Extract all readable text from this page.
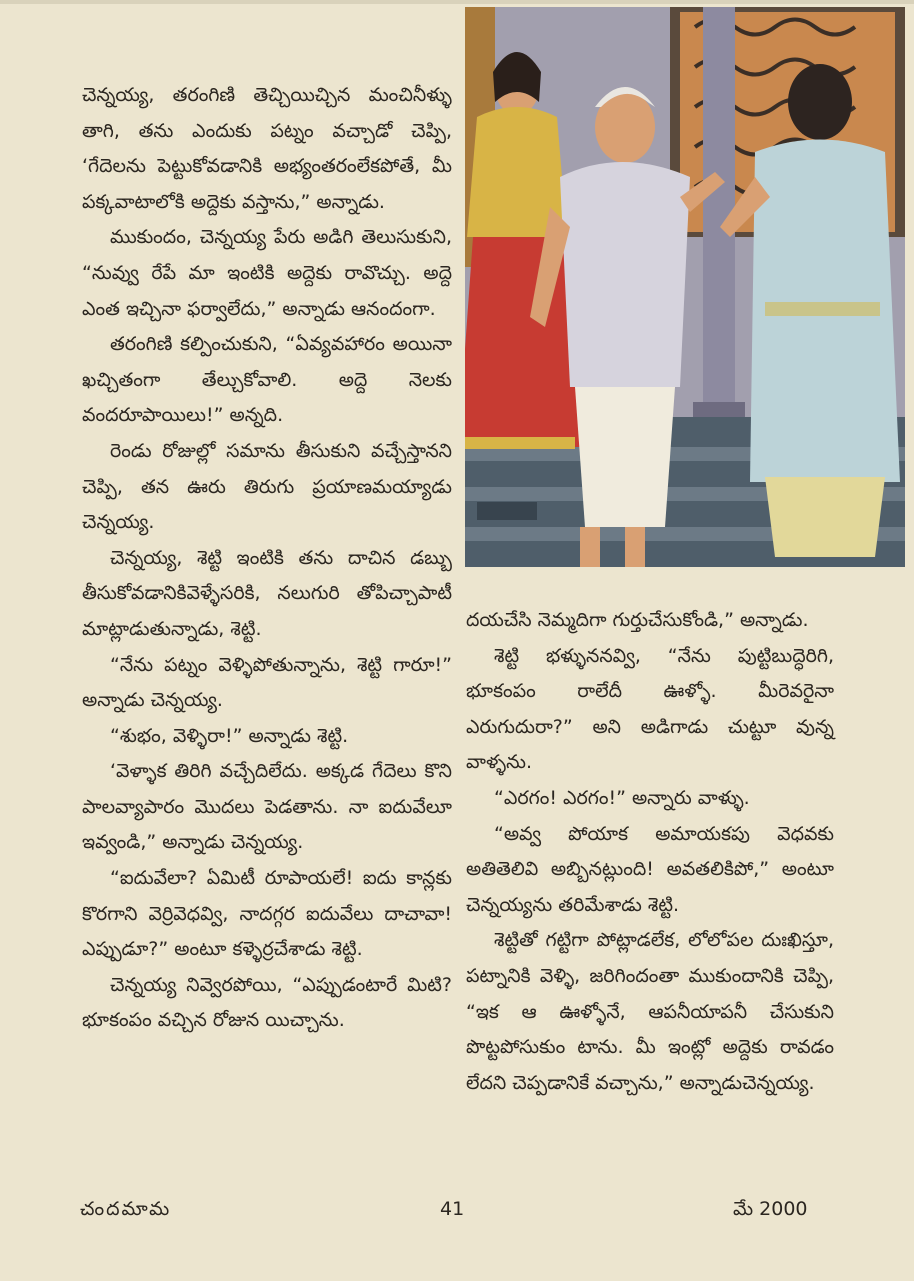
చెన్నయ్య, తరంగిణి తెచ్చియిచ్చిన మంచినీళ్ళు తాగి, తను ఎందుకు పట్నం వచ్చాడో చెప్పి, ‘గేదెలను పెట్టుకోవడానికి అభ్యంతరంలేకపోతే, మీ పక్కవాటాలోకి అద్దెకు వస్తాను,” అన్నాడు.

ముకుందం, చెన్నయ్య పేరు అడిగి తెలుసుకుని, “నువ్వు రేపే మా ఇంటికి అద్దెకు రావొచ్చు. అద్దె ఎంత ఇచ్చినా ఫర్వాలేదు,” అన్నాడు ఆనందంగా.

తరంగిణి కల్పించుకుని, “ఏవ్యవహారం అయినా ఖచ్చితంగా తేల్చుకోవాలి. అద్దె నెలకు వందరూపాయిలు!” అన్నది.

రెండు రోజుల్లో సమాను తీసుకుని వచ్చేస్తానని చెప్పి, తన ఊరు తిరుగు ప్రయాణమయ్యాడు చెన్నయ్య.

చెన్నయ్య, శెట్టి ఇంటికి తను దాచిన డబ్బు తీసుకోవడానికివెళ్ళేసరికి, నలుగురి తోపిచ్చాపాటీ మాట్లాడుతున్నాడు, శెట్టి.

“నేను పట్నం వెళ్ళిపోతున్నాను, శెట్టి గారూ!” అన్నాడు చెన్నయ్య.

“శుభం, వెళ్ళిరా!” అన్నాడు శెట్టి.

‘వెళ్ళాక తిరిగి వచ్చేదిలేదు. అక్కడ గేదెలు కొని పాలవ్యాపారం మొదలు పెడతాను. నా ఐదువేలూ ఇవ్వండి,” అన్నాడు చెన్నయ్య.

“ఐదువేలా? ఏమిటీ రూపాయలే! ఐదు కాన్లకు కొరగాని వెర్రివెధవ్వి, నాదగ్గర ఐదువేలు దాచావా! ఎప్పుడూ?” అంటూ కళ్ళెర్రచేశాడు శెట్టి.

చెన్నయ్య నివ్వెరపోయి, “ఎప్పుడంటారే మిటి? భూకంపం వచ్చిన రోజున యిచ్చాను.

దయచేసి నెమ్మదిగా గుర్తుచేసుకోండి,” అన్నాడు.

శెట్టి భళ్ళుననవ్వి, “నేను పుట్టిబుద్ధెరిగి, భూకంపం రాలేదీ ఊళ్ళో. మీరెవరైనా ఎరుగుదురా?” అని అడిగాడు చుట్టూ వున్న వాళ్ళను.

“ఎరగం! ఎరగం!” అన్నారు వాళ్ళు.

“అవ్వ పోయాక అమాయకపు వెధవకు అతితెలివి అబ్బినట్లుంది! అవతలికిపో,” అంటూ చెన్నయ్యను తరిమేశాడు శెట్టి.

శెట్టితో గట్టిగా పోట్లాడలేక, లోలోపల దుఃఖిస్తూ, పట్నానికి వెళ్ళి, జరిగిందంతా ముకుందానికి చెప్పి, “ఇక ఆ ఊళ్ళోనే, ఆపనీయాపనీ చేసుకుని పొట్టపోసుకుం టాను. మీ ఇంట్లో అద్దెకు రావడం లేదని చెప్పడానికే వచ్చాను,” అన్నాడుచెన్నయ్య.

చందమామ	41	మే 2000
